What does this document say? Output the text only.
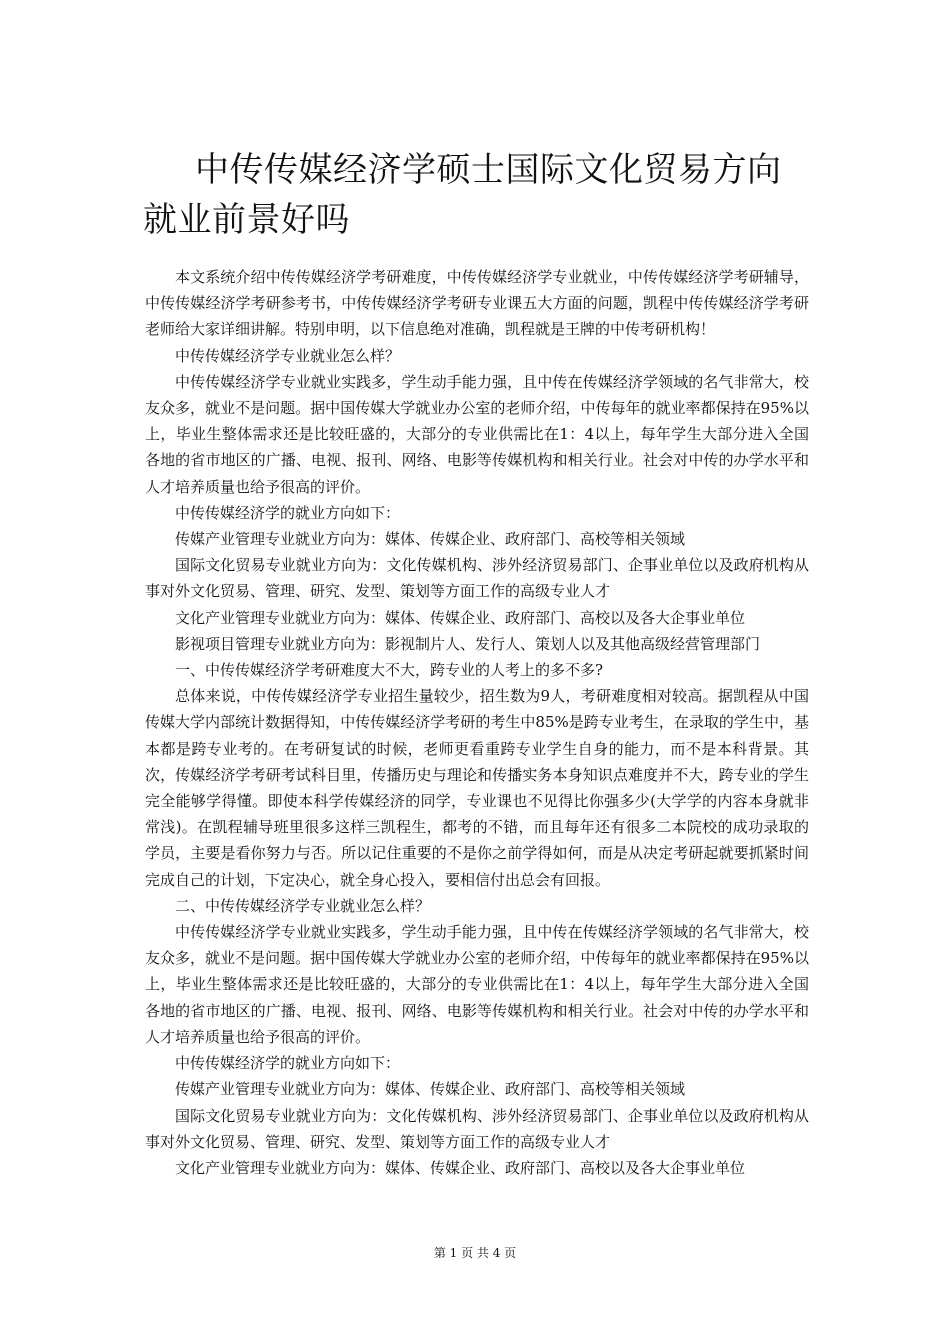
中传传媒经济学硕士国际文化贸易方向就业前景好吗

本文系统介绍中传传媒经济学考研难度，中传传媒经济学专业就业，中传传媒经济学考研辅导，中传传媒经济学考研参考书，中传传媒经济学考研专业课五大方面的问题，凯程中传传媒经济学考研老师给大家详细讲解。特别申明，以下信息绝对准确，凯程就是王牌的中传考研机构！

中传传媒经济学专业就业怎么样？

中传传媒经济学专业就业实践多，学生动手能力强，且中传在传媒经济学领域的名气非常大，校友众多，就业不是问题。据中国传媒大学就业办公室的老师介绍，中传每年的就业率都保持在95%以上，毕业生整体需求还是比较旺盛的，大部分的专业供需比在1：4以上，每年学生大部分进入全国各地的省市地区的广播、电视、报刊、网络、电影等传媒机构和相关行业。社会对中传的办学水平和人才培养质量也给予很高的评价。

中传传媒经济学的就业方向如下：

传媒产业管理专业就业方向为：媒体、传媒企业、政府部门、高校等相关领域

国际文化贸易专业就业方向为：文化传媒机构、涉外经济贸易部门、企事业单位以及政府机构从事对外文化贸易、管理、研究、发型、策划等方面工作的高级专业人才

文化产业管理专业就业方向为：媒体、传媒企业、政府部门、高校以及各大企事业单位

影视项目管理专业就业方向为：影视制片人、发行人、策划人以及其他高级经营管理部门

一、中传传媒经济学考研难度大不大，跨专业的人考上的多不多?

总体来说，中传传媒经济学专业招生量较少，招生数为9人，考研难度相对较高。据凯程从中国传媒大学内部统计数据得知，中传传媒经济学考研的考生中85%是跨专业考生，在录取的学生中，基本都是跨专业考的。在考研复试的时候，老师更看重跨专业学生自身的能力，而不是本科背景。其次，传媒经济学考研考试科目里，传播历史与理论和传播实务本身知识点难度并不大，跨专业的学生完全能够学得懂。即使本科学传媒经济的同学，专业课也不见得比你强多少(大学学的内容本身就非常浅)。在凯程辅导班里很多这样三凯程生，都考的不错，而且每年还有很多二本院校的成功录取的学员，主要是看你努力与否。所以记住重要的不是你之前学得如何，而是从决定考研起就要抓紧时间完成自己的计划，下定决心，就全身心投入，要相信付出总会有回报。

二、中传传媒经济学专业就业怎么样？

中传传媒经济学专业就业实践多，学生动手能力强，且中传在传媒经济学领域的名气非常大，校友众多，就业不是问题。据中国传媒大学就业办公室的老师介绍，中传每年的就业率都保持在95%以上，毕业生整体需求还是比较旺盛的，大部分的专业供需比在1：4以上，每年学生大部分进入全国各地的省市地区的广播、电视、报刊、网络、电影等传媒机构和相关行业。社会对中传的办学水平和人才培养质量也给予很高的评价。

中传传媒经济学的就业方向如下：

传媒产业管理专业就业方向为：媒体、传媒企业、政府部门、高校等相关领域

国际文化贸易专业就业方向为：文化传媒机构、涉外经济贸易部门、企事业单位以及政府机构从事对外文化贸易、管理、研究、发型、策划等方面工作的高级专业人才

文化产业管理专业就业方向为：媒体、传媒企业、政府部门、高校以及各大企事业单位

第 1 页 共 4 页
